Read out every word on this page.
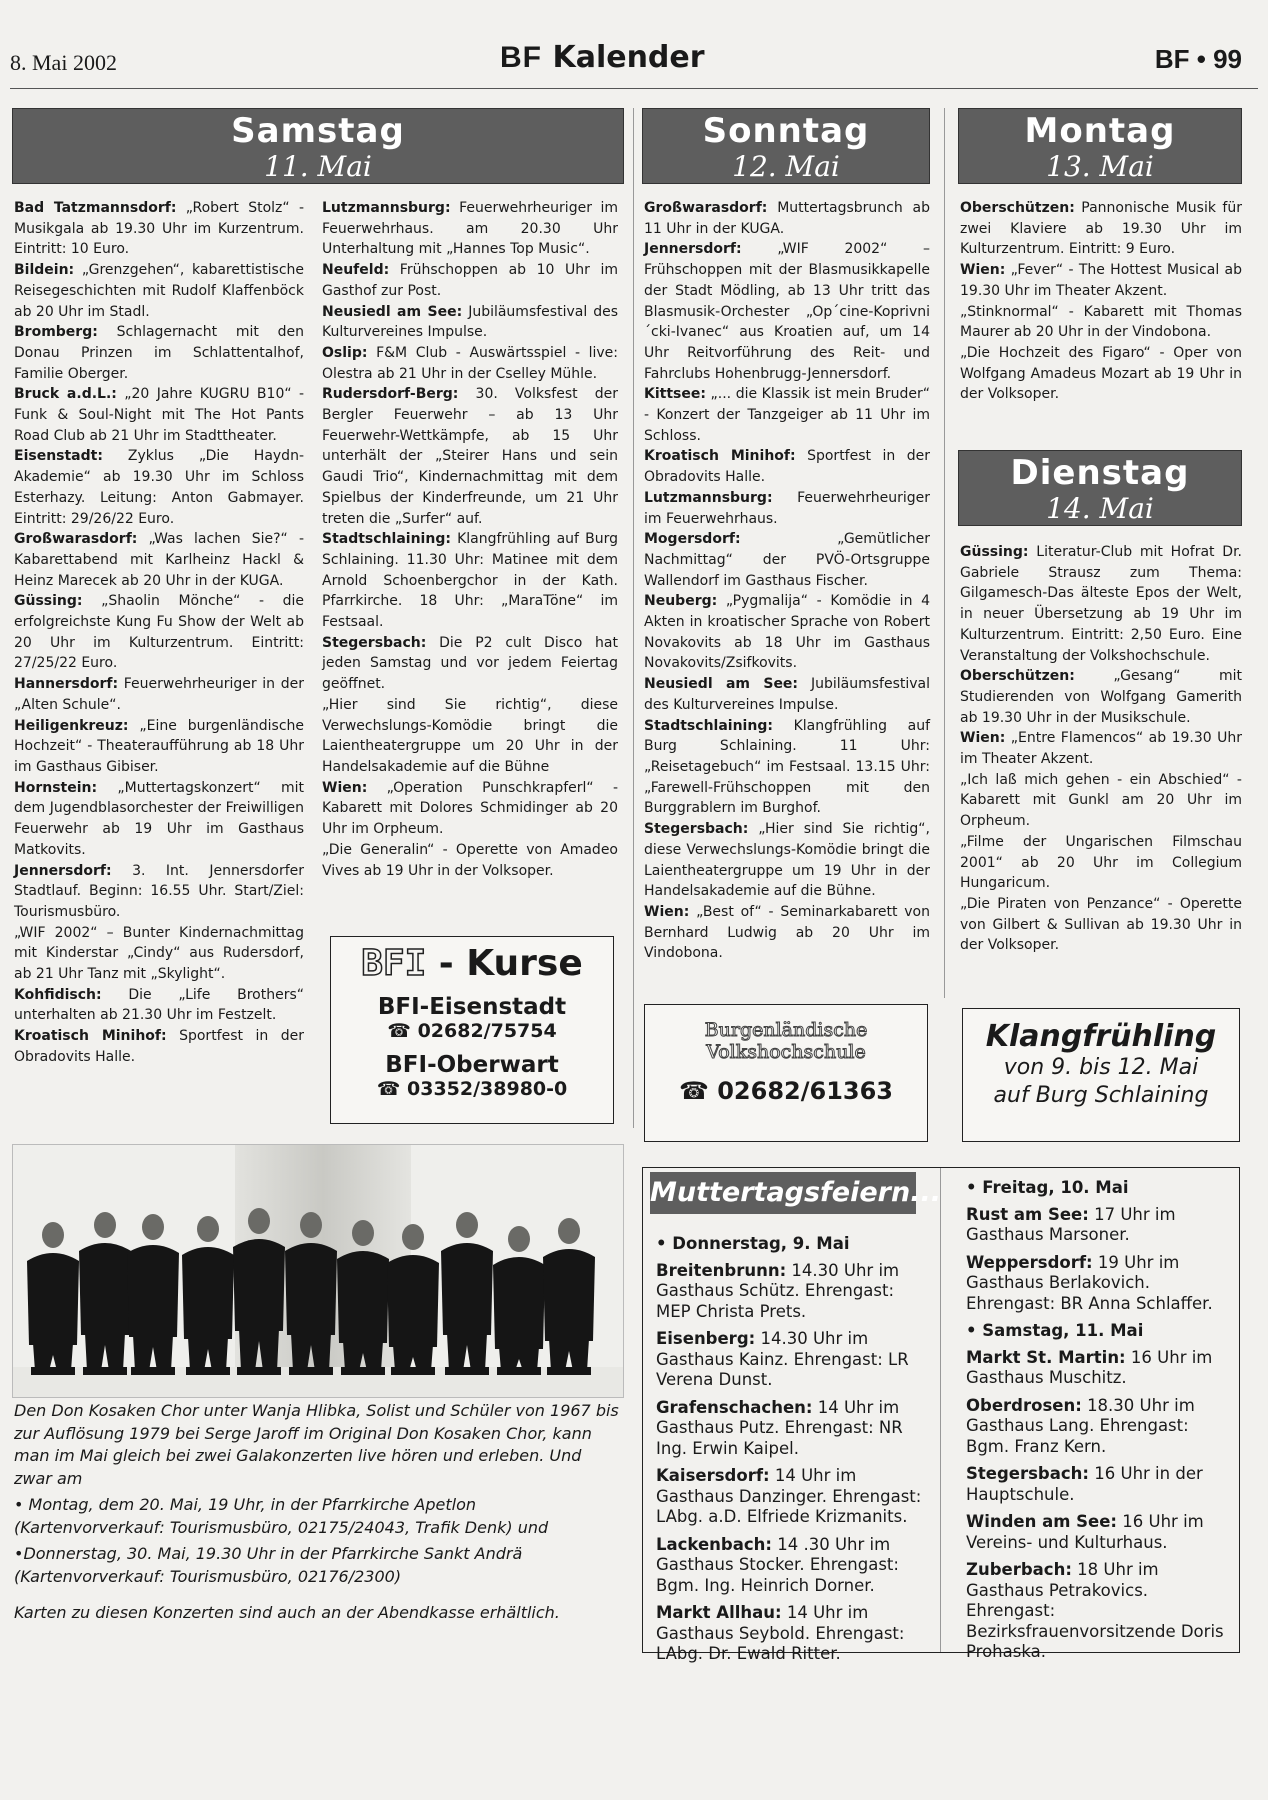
8. Mai 2002	BF Kalender	BF • 99
Samstag
11. Mai
Sonntag
12. Mai
Montag
13. Mai
Dienstag
14. Mai

Bad Tatzmannsdorf: „Robert Stolz“ - Musikgala ab 19.30 Uhr im Kurzentrum. Eintritt: 10 Euro.

Bildein: „Grenzgehen“, kabarettistische Reisegeschichten mit Rudolf Klaffenböck ab 20 Uhr im Stadl.

Bromberg: Schlagernacht mit den Donau Prinzen im Schlattentalhof, Familie Oberger.

Bruck a.d.L.: „20 Jahre KUGRU B10“ - Funk & Soul-Night mit The Hot Pants Road Club ab 21 Uhr im Stadttheater.

Eisenstadt: Zyklus „Die Haydn-Akademie“ ab 19.30 Uhr im Schloss Esterhazy. Leitung: Anton Gabmayer. Eintritt: 29/26/22 Euro.

Großwarasdorf: „Was lachen Sie?“ - Kabarettabend mit Karlheinz Hackl & Heinz Marecek ab 20 Uhr in der KUGA.

Güssing: „Shaolin Mönche“ - die erfolgreichste Kung Fu Show der Welt ab 20 Uhr im Kulturzentrum. Eintritt: 27/25/22 Euro.

Hannersdorf: Feuerwehrheuriger in der „Alten Schule“.

Heiligenkreuz: „Eine burgenländische Hochzeit“ - Theateraufführung ab 18 Uhr im Gasthaus Gibiser.

Hornstein: „Muttertagskonzert“ mit dem Jugendblasorchester der Freiwilligen Feuerwehr ab 19 Uhr im Gasthaus Matkovits.

Jennersdorf: 3. Int. Jennersdorfer Stadtlauf. Beginn: 16.55 Uhr. Start/Ziel: Tourismusbüro.

„WIF 2002“ – Bunter Kindernachmittag mit Kinderstar „Cindy“ aus Rudersdorf, ab 21 Uhr Tanz mit „Skylight“.

Kohfidisch: Die „Life Brothers“ unterhalten ab 21.30 Uhr im Festzelt.

Kroatisch Minihof: Sportfest in der Obradovits Halle.

Lutzmannsburg: Feuerwehrheuriger im Feuerwehrhaus. am 20.30 Uhr Unterhaltung mit „Hannes Top Music“.

Neufeld: Frühschoppen ab 10 Uhr im Gasthof zur Post.

Neusiedl am See: Jubiläumsfestival des Kulturvereines Impulse.

Oslip: F&M Club - Auswärtsspiel - live: Olestra ab 21 Uhr in der Cselley Mühle.

Rudersdorf-Berg: 30. Volksfest der Bergler Feuerwehr – ab 13 Uhr Feuerwehr-Wettkämpfe, ab 15 Uhr unterhält der „Steirer Hans und sein Gaudi Trio“, Kindernachmittag mit dem Spielbus der Kinderfreunde, um 21 Uhr treten die „Surfer“ auf.

Stadtschlaining: Klangfrühling auf Burg Schlaining. 11.30 Uhr: Matinee mit dem Arnold Schoenbergchor in der Kath. Pfarrkirche. 18 Uhr: „MaraTöne“ im Festsaal.

Stegersbach: Die P2 cult Disco hat jeden Samstag und vor jedem Feiertag geöffnet.

„Hier sind Sie richtig“, diese Verwechslungs-Komödie bringt die Laientheatergruppe um 20 Uhr in der Handelsakademie auf die Bühne

Wien: „Operation Punschkrapferl“ - Kabarett mit Dolores Schmidinger ab 20 Uhr im Orpheum.

„Die Generalin“ - Operette von Amadeo Vives ab 19 Uhr in der Volksoper.

Großwarasdorf: Muttertagsbrunch ab 11 Uhr in der KUGA.

Jennersdorf:	„WIF 2002“ – Frühschoppen mit der Blasmusikkapelle der Stadt Mödling, ab 13 Uhr tritt das Blasmusik-Orchester „Op´cine-Koprivni´cki-Ivanec“ aus Kroatien auf, um 14 Uhr Reitvorführung des Reit- und Fahrclubs Hohenbrugg-Jennersdorf.

Kittsee: „... die Klassik ist mein Bruder“ - Konzert der Tanzgeiger ab 11 Uhr im Schloss.

Kroatisch Minihof: Sportfest in der Obradovits Halle.

Lutzmannsburg: Feuerwehrheuriger im Feuerwehrhaus.

Mogersdorf:	„Gemütlicher Nachmittag“ der PVÖ-Ortsgruppe Wallendorf im Gasthaus Fischer.

Neuberg: „Pygmalija“ - Komödie in 4 Akten in kroatischer Sprache von Robert Novakovits ab 18 Uhr im Gasthaus Novakovits/Zsifkovits.

Neusiedl am See: Jubiläumsfestival des Kulturvereines Impulse.

Stadtschlaining: Klangfrühling auf Burg Schlaining. 11 Uhr: „Reisetagebuch“ im Festsaal. 13.15 Uhr: „Farewell-Frühschoppen mit den Burggrablern im Burghof.

Stegersbach: „Hier sind Sie richtig“, diese Verwechslungs-Komödie bringt die Laientheatergruppe um 19 Uhr in der Handelsakademie auf die Bühne.

Wien: „Best of“ - Seminarkabarett von Bernhard Ludwig ab 20 Uhr im Vindobona.

Oberschützen: Pannonische Musik für zwei Klaviere ab 19.30 Uhr im Kulturzentrum. Eintritt: 9 Euro.

Wien: „Fever“ - The Hottest Musical ab 19.30 Uhr im Theater Akzent.

„Stinknormal“ - Kabarett mit Thomas Maurer ab 20 Uhr in der Vindobona.

„Die Hochzeit des Figaro“ - Oper von Wolfgang Amadeus Mozart ab 19 Uhr in der Volksoper.

Güssing: Literatur-Club mit Hofrat Dr. Gabriele Strausz zum Thema: Gilgamesch-Das älteste Epos der Welt, in neuer Übersetzung ab 19 Uhr im Kulturzentrum. Eintritt: 2,50 Euro. Eine Veranstaltung der Volkshochschule.

Oberschützen:	„Gesang“ mit Studierenden von Wolfgang Gamerith ab 19.30 Uhr in der Musikschule.

Wien: „Entre Flamencos“ ab 19.30 Uhr im Theater Akzent.

„Ich laß mich gehen - ein Abschied“ - Kabarett mit Gunkl am 20 Uhr im Orpheum.

„Filme der Ungarischen Filmschau 2001“ ab 20 Uhr im Collegium Hungaricum.

„Die Piraten von Penzance“ - Operette von Gilbert & Sullivan ab 19.30 Uhr in der Volksoper.

BFI - Kurse
BFI-Eisenstadt
☎ 02682/75754
BFI-Oberwart
☎ 03352/38980-0
Burgenländische
Volkshochschule
☎ 02682/61363
Klangfrühling
von 9. bis 12. Mai
auf Burg Schlaining

Den Don Kosaken Chor unter Wanja Hlibka, Solist und Schüler von 1967 bis zur Auflösung 1979 bei Serge Jaroff im Original Don Kosaken Chor, kann man im Mai gleich bei zwei Galakonzerten live hören und erleben. Und zwar am

• Montag, dem 20. Mai, 19 Uhr, in der Pfarrkirche Apetlon (Kartenvorverkauf: Tourismusbüro, 02175/24043, Trafik Denk) und

•Donnerstag, 30. Mai, 19.30 Uhr in der Pfarrkirche Sankt Andrä (Kartenvorverkauf: Tourismusbüro, 02176/2300)

Karten zu diesen Konzerten sind auch an der Abendkasse erhältlich.

Muttertagsfeiern...
• Donnerstag, 9. Mai
Breitenbrunn: 14.30 Uhr im Gasthaus Schütz. Ehrengast: MEP Christa Prets.
Eisenberg: 14.30 Uhr im Gasthaus Kainz. Ehrengast: LR Verena Dunst.
Grafenschachen: 14 Uhr im Gasthaus Putz. Ehrengast: NR Ing. Erwin Kaipel.
Kaisersdorf: 14 Uhr im Gasthaus Danzinger. Ehrengast: LAbg. a.D. Elfriede Krizmanits.
Lackenbach: 14 .30 Uhr im Gasthaus Stocker. Ehrengast: Bgm. Ing. Heinrich Dorner.
Markt Allhau: 14 Uhr im Gasthaus Seybold. Ehrengast: LAbg. Dr. Ewald Ritter.
• Freitag, 10. Mai
Rust am See: 17 Uhr im Gasthaus Marsoner.
Weppersdorf: 19 Uhr im Gasthaus Berlakovich. Ehrengast: BR Anna Schlaffer.
• Samstag, 11. Mai
Markt St. Martin: 16 Uhr im Gasthaus Muschitz.
Oberdrosen: 18.30 Uhr im Gasthaus Lang. Ehrengast: Bgm. Franz Kern.
Stegersbach: 16 Uhr in der Hauptschule.
Winden am See: 16 Uhr im Vereins- und Kulturhaus.
Zuberbach: 18 Uhr im Gasthaus Petrakovics. Ehrengast: Bezirksfrauenvorsitzende Doris Prohaska.
